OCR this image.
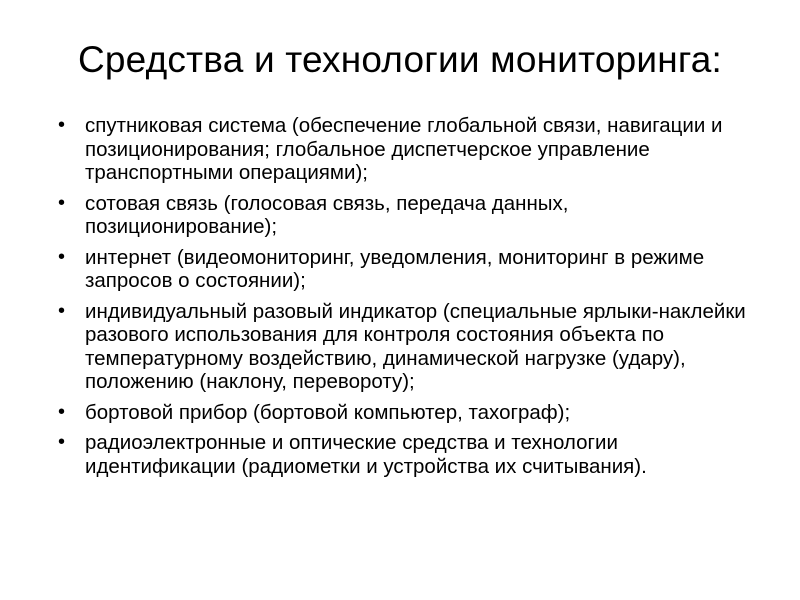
Средства и технологии мониторинга:
• спутниковая система (обеспечение глобальной связи, навигации и позиционирования; глобальное диспетчерское управление транспортными операциями);
• сотовая связь (голосовая связь, передача данных, позиционирование);
• интернет (видеомониторинг, уведомления, мониторинг в режиме запросов о состоянии);
• индивидуальный разовый индикатор (специальные ярлыки-наклейки разового использования для контроля состояния объекта по температурному воздействию, динамической нагрузке (удару), положению (наклону, перевороту);
• бортовой прибор (бортовой компьютер, тахограф);
• радиоэлектронные и оптические средства и технологии идентификации (радиометки и устройства их считывания).
